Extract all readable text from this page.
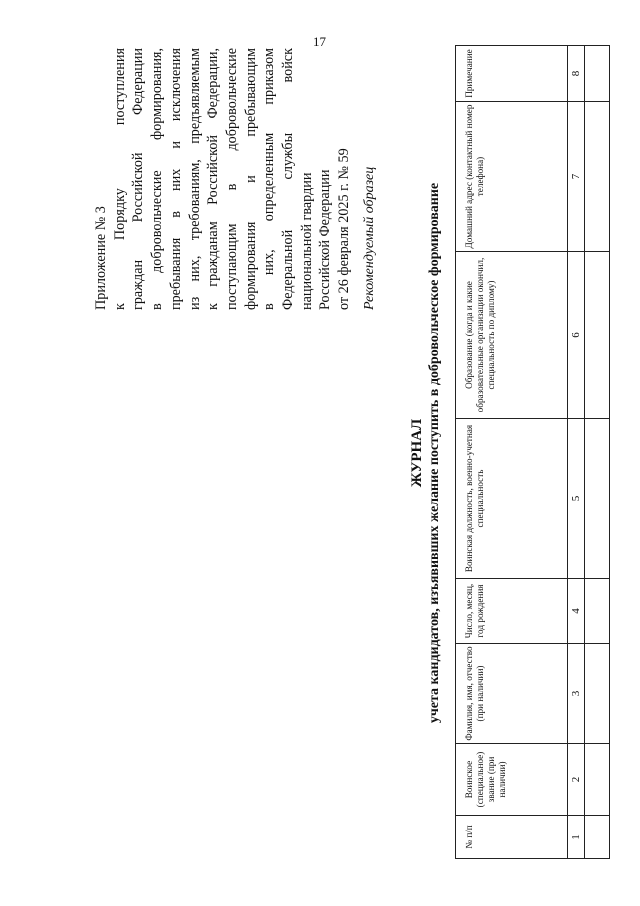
17
Приложение № 3 к Порядку поступления граждан Российской Федерации в добровольческие формирования, пребывания в них и исключения из них, требованиям, предъявляемым к гражданам Российской Федерации, поступающим в добровольческие формирования и пребывающим в них, определенным приказом Федеральной службы войск национальной гвардии Российской Федерации от 26 февраля 2025 г. № 59 Рекомендуемый образец
ЖУРНАЛ учета кандидатов, изъявивших желание поступить в добровольческое формирование
№ п/п	Воинское (специальное) звание (при наличии)	Фамилия, имя, отчество (при наличии)	Число, месяц, год рождения	Воинская должность, военно-учетная специальность	Образование (когда и какие образовательные организации окончил, специальность по диплому)	Домашний адрес (контактный номер телефона)	Примечание
1	2	3	4	5	6	7	8
